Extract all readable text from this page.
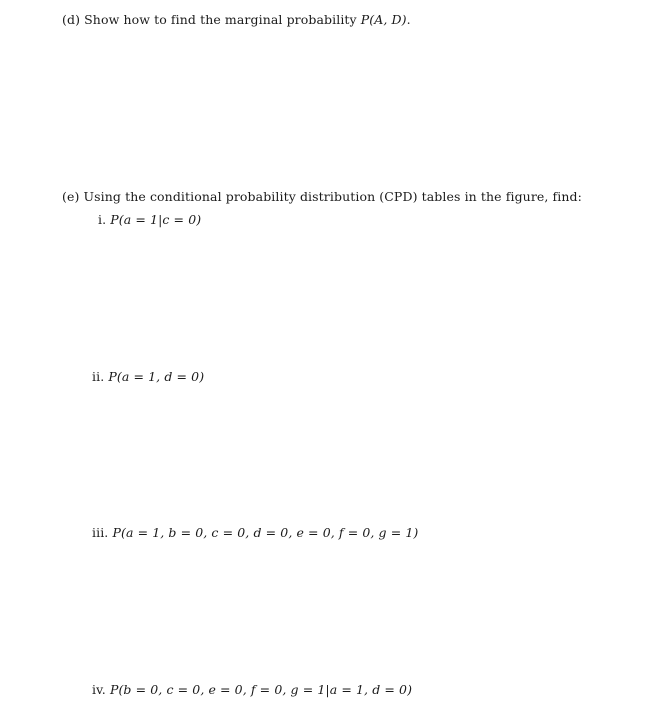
(d) Show how to find the marginal probability P(A, D).
(e) Using the conditional probability distribution (CPD) tables in the figure, find:
i. P(a = 1|c = 0)
ii. P(a = 1, d = 0)
iii. P(a = 1, b = 0, c = 0, d = 0, e = 0, f = 0, g = 1)
iv. P(b = 0, c = 0, e = 0, f = 0, g = 1|a = 1, d = 0)
